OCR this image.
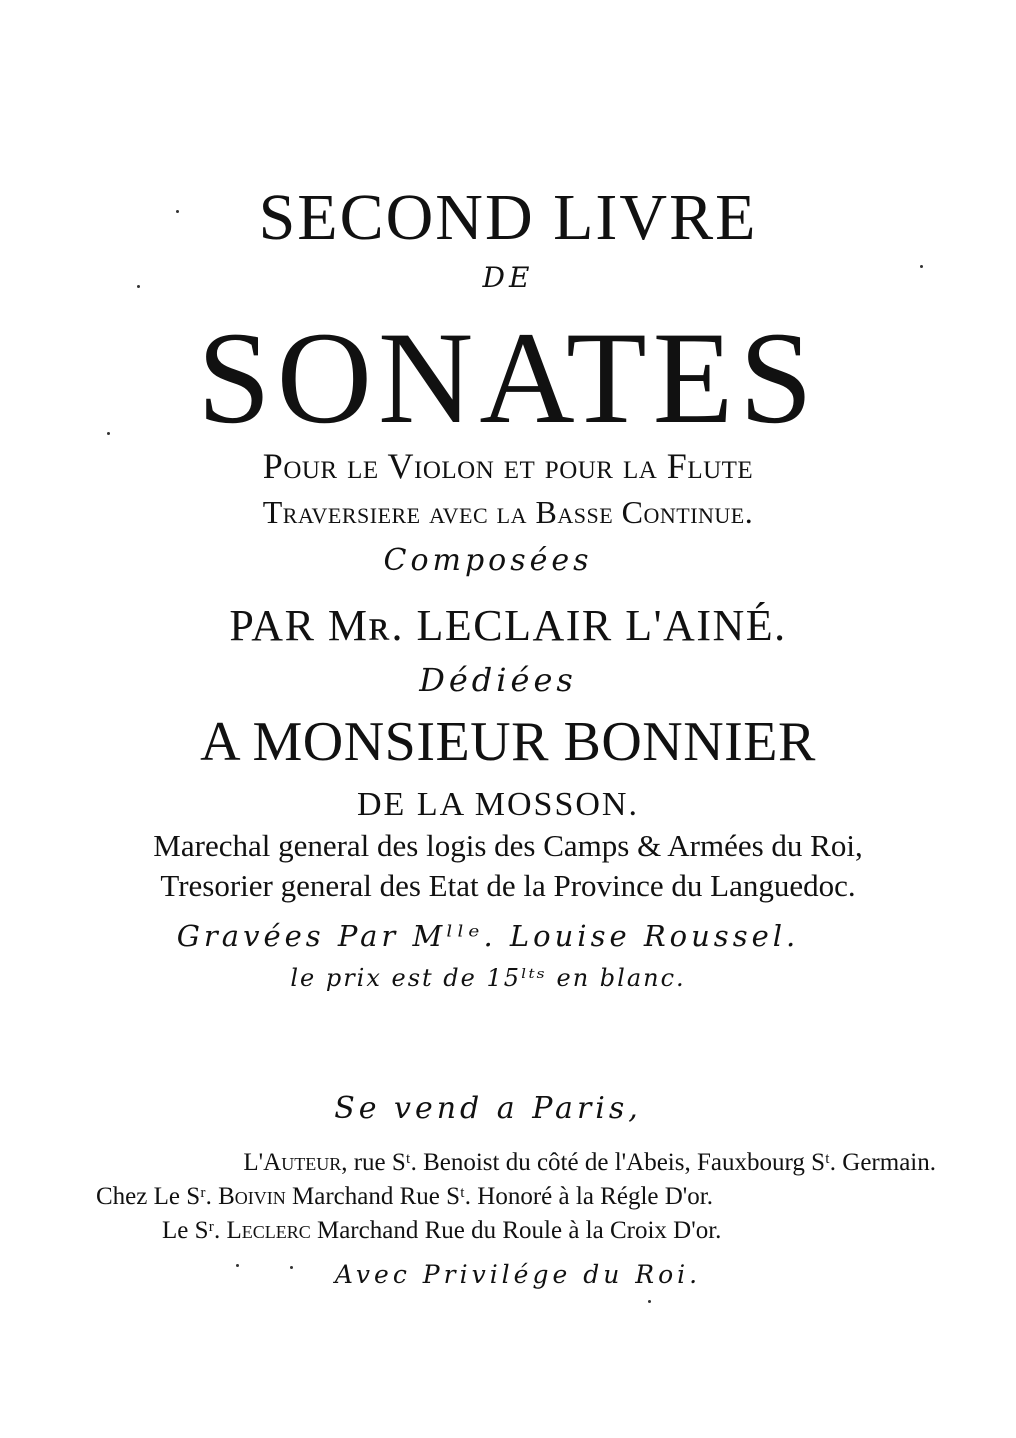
SECOND LIVRE
DE
SONATES
Pour le Violon et pour la Flute
Traversiere avec la Basse Continue.
Composées
PAR Mʀ. LECLAIR L'AINÉ.
Dédiées
A MONSIEUR BONNIER
DE LA MOSSON.
Marechal general des logis des Camps & Armées du Roi,
Tresorier general des Etat de la Province du Languedoc.
Gravées Par Mˡˡᵉ. Louise Roussel.
le prix est de 15ˡᵗˢ en blanc.
Se vend a Paris,
L'Auteur, rue Sᵗ. Benoist du côté de l'Abeis, Fauxbourg Sᵗ. Germain.
Chez Le Sʳ. Boivin Marchand Rue Sᵗ. Honoré à la Régle D'or.
Le Sʳ. Leclerc Marchand Rue du Roule à la Croix D'or.
Avec Privilége du Roi.
